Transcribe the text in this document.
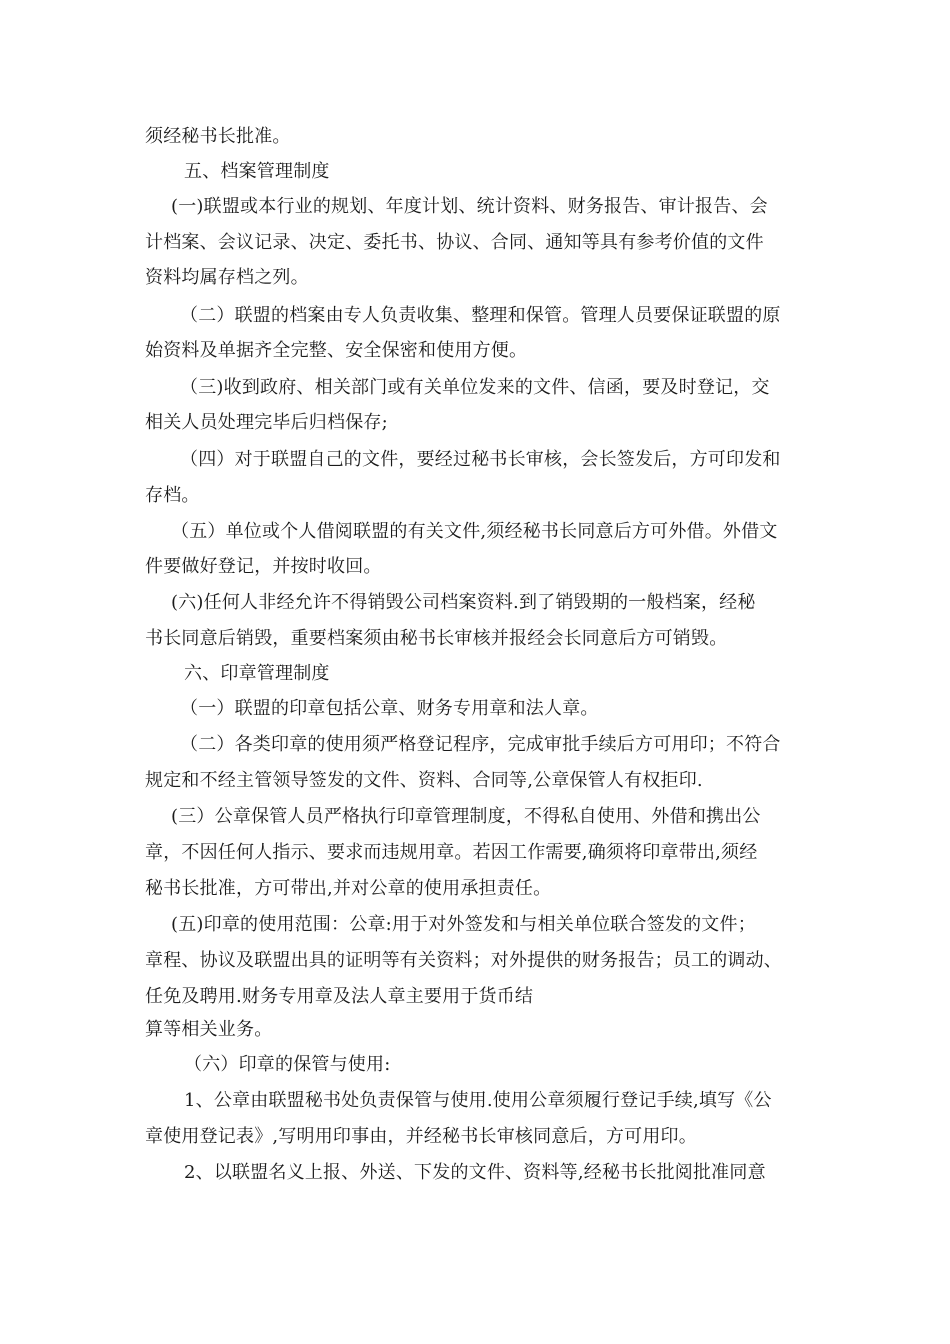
须经秘书长批准。
五、档案管理制度
(一)联盟或本行业的规划、年度计划、统计资料、财务报告、审计报告、会
计档案、会议记录、决定、委托书、协议、合同、通知等具有参考价值的文件
资料均属存档之列。
（二）联盟的档案由专人负责收集、整理和保管。管理人员要保证联盟的原
始资料及单据齐全完整、安全保密和使用方便。
（三)收到政府、相关部门或有关单位发来的文件、信函，要及时登记，交
相关人员处理完毕后归档保存;
（四）对于联盟自己的文件，要经过秘书长审核，会长签发后，方可印发和
存档。
（五）单位或个人借阅联盟的有关文件,须经秘书长同意后方可外借。外借文
件要做好登记，并按时收回。
(六)任何人非经允许不得销毁公司档案资料.到了销毁期的一般档案，经秘
书长同意后销毁，重要档案须由秘书长审核并报经会长同意后方可销毁。
六、印章管理制度
（一）联盟的印章包括公章、财务专用章和法人章。
（二）各类印章的使用须严格登记程序，完成审批手续后方可用印；不符合
规定和不经主管领导签发的文件、资料、合同等,公章保管人有权拒印.
(三）公章保管人员严格执行印章管理制度，不得私自使用、外借和携出公
章，不因任何人指示、要求而违规用章。若因工作需要,确须将印章带出,须经
秘书长批准，方可带出,并对公章的使用承担责任。
(五)印章的使用范围：公章:用于对外签发和与相关单位联合签发的文件；
章程、协议及联盟出具的证明等有关资料；对外提供的财务报告；员工的调动、
任免及聘用.财务专用章及法人章主要用于货币结
算等相关业务。
（六）印章的保管与使用:
1、公章由联盟秘书处负责保管与使用.使用公章须履行登记手续,填写《公
章使用登记表》,写明用印事由，并经秘书长审核同意后，方可用印。
2、以联盟名义上报、外送、下发的文件、资料等,经秘书长批阅批准同意
